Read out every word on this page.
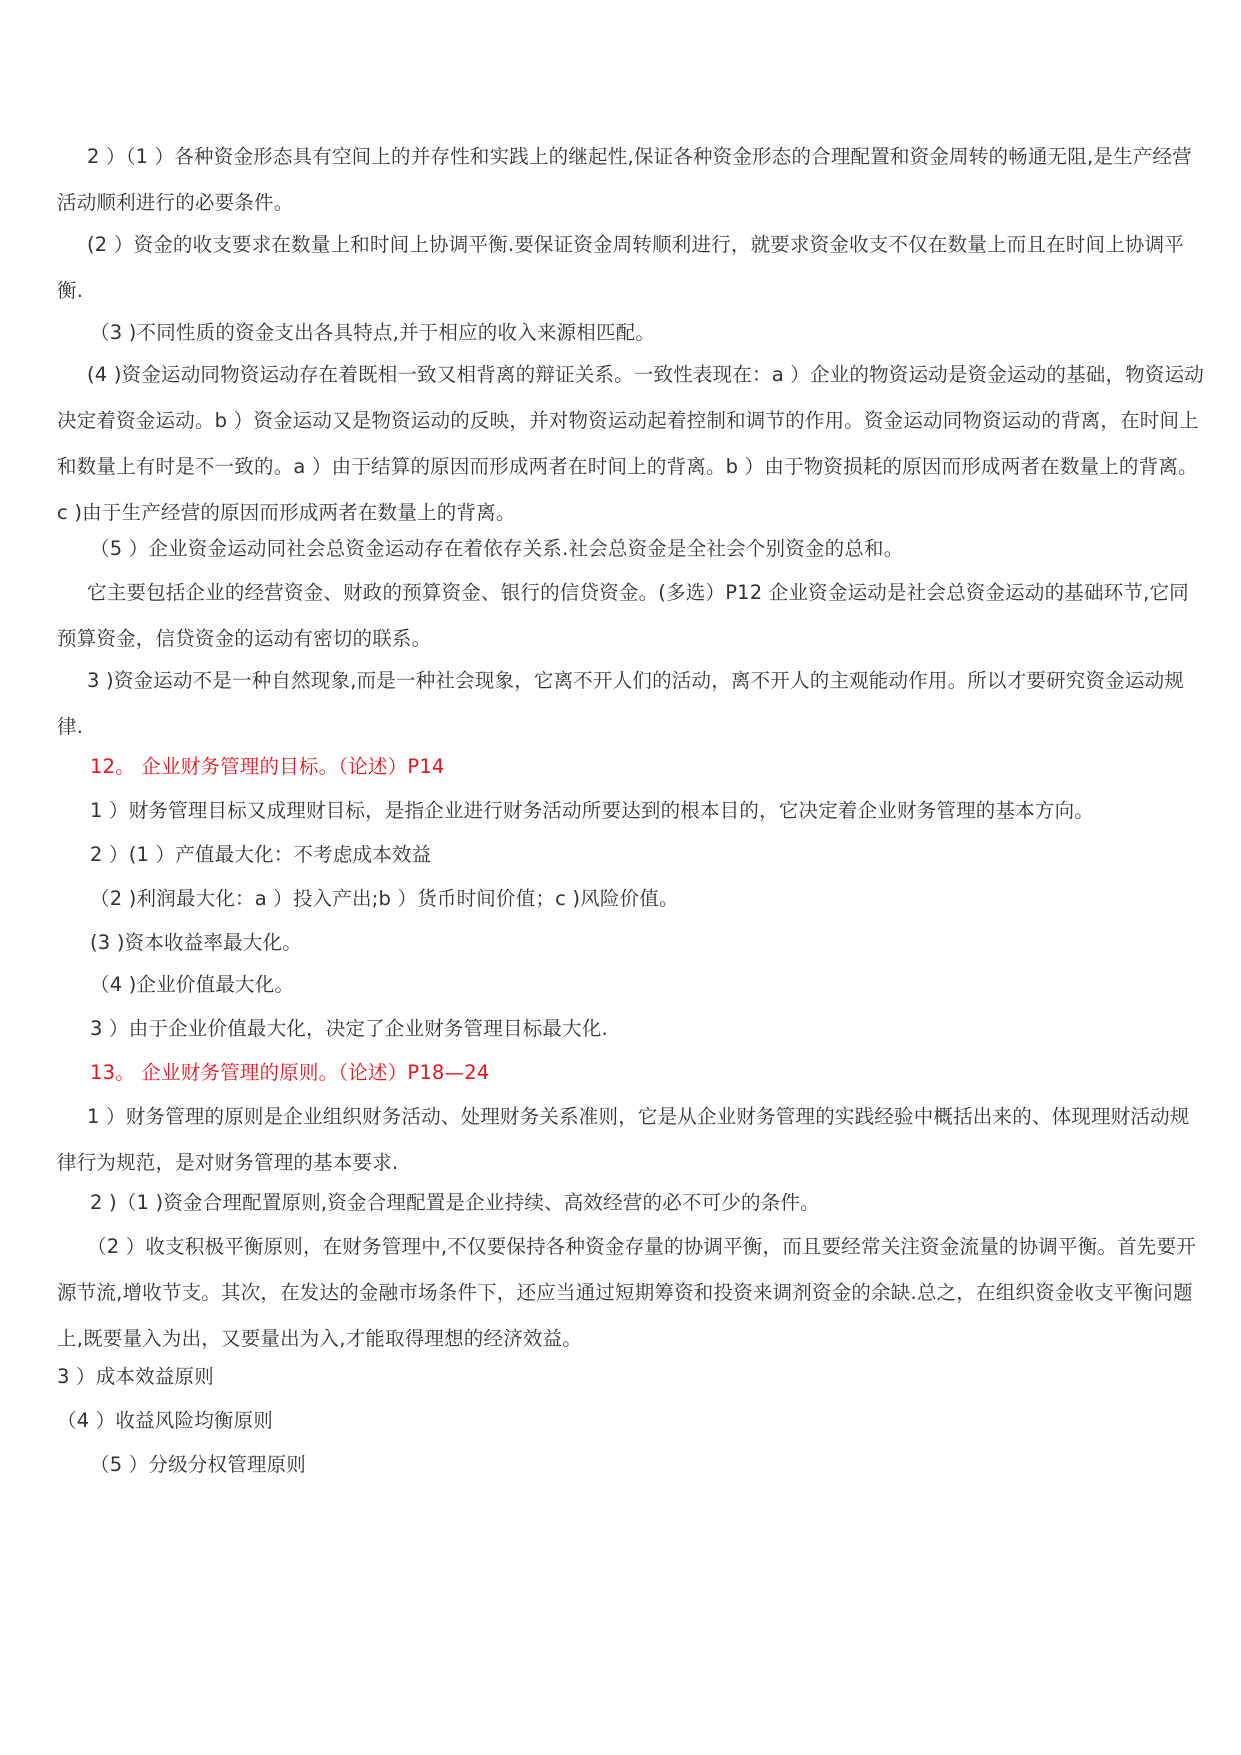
2 ）（1 ）各种资金形态具有空间上的并存性和实践上的继起性,保证各种资金形态的合理配置和资金周转的畅通无阻,是生产经营活动顺利进行的必要条件。
(2 ）资金的收支要求在数量上和时间上协调平衡.要保证资金周转顺利进行，就要求资金收支不仅在数量上而且在时间上协调平衡.
（3 )不同性质的资金支出各具特点,并于相应的收入来源相匹配。
(4 )资金运动同物资运动存在着既相一致又相背离的辩证关系。一致性表现在：a ）企业的物资运动是资金运动的基础，物资运动决定着资金运动。b ）资金运动又是物资运动的反映，并对物资运动起着控制和调节的作用。资金运动同物资运动的背离，在时间上和数量上有时是不一致的。a ）由于结算的原因而形成两者在时间上的背离。b ）由于物资损耗的原因而形成两者在数量上的背离。c )由于生产经营的原因而形成两者在数量上的背离。
（5 ）企业资金运动同社会总资金运动存在着依存关系.社会总资金是全社会个别资金的总和。
它主要包括企业的经营资金、财政的预算资金、银行的信贷资金。(多选）P12 企业资金运动是社会总资金运动的基础环节,它同预算资金，信贷资金的运动有密切的联系。
3 )资金运动不是一种自然现象,而是一种社会现象，它离不开人们的活动，离不开人的主观能动作用。所以才要研究资金运动规律.
12。 企业财务管理的目标。（论述）P14
1 ）财务管理目标又成理财目标，是指企业进行财务活动所要达到的根本目的，它决定着企业财务管理的基本方向。
2 ）(1 ）产值最大化：不考虑成本效益
（2 )利润最大化：a ）投入产出;b ）货币时间价值；c )风险价值。
(3 )资本收益率最大化。
（4 )企业价值最大化。
3 ）由于企业价值最大化，决定了企业财务管理目标最大化.
13。 企业财务管理的原则。（论述）P18—24
1 ）财务管理的原则是企业组织财务活动、处理财务关系准则，它是从企业财务管理的实践经验中概括出来的、体现理财活动规律行为规范，是对财务管理的基本要求.
2 )（1 )资金合理配置原则,资金合理配置是企业持续、高效经营的必不可少的条件。
（2 ）收支积极平衡原则，在财务管理中,不仅要保持各种资金存量的协调平衡，而且要经常关注资金流量的协调平衡。首先要开源节流,增收节支。其次，在发达的金融市场条件下，还应当通过短期筹资和投资来调剂资金的余缺.总之，在组织资金收支平衡问题上,既要量入为出，又要量出为入,才能取得理想的经济效益。
3 ）成本效益原则
（4 ）收益风险均衡原则
（5 ）分级分权管理原则
